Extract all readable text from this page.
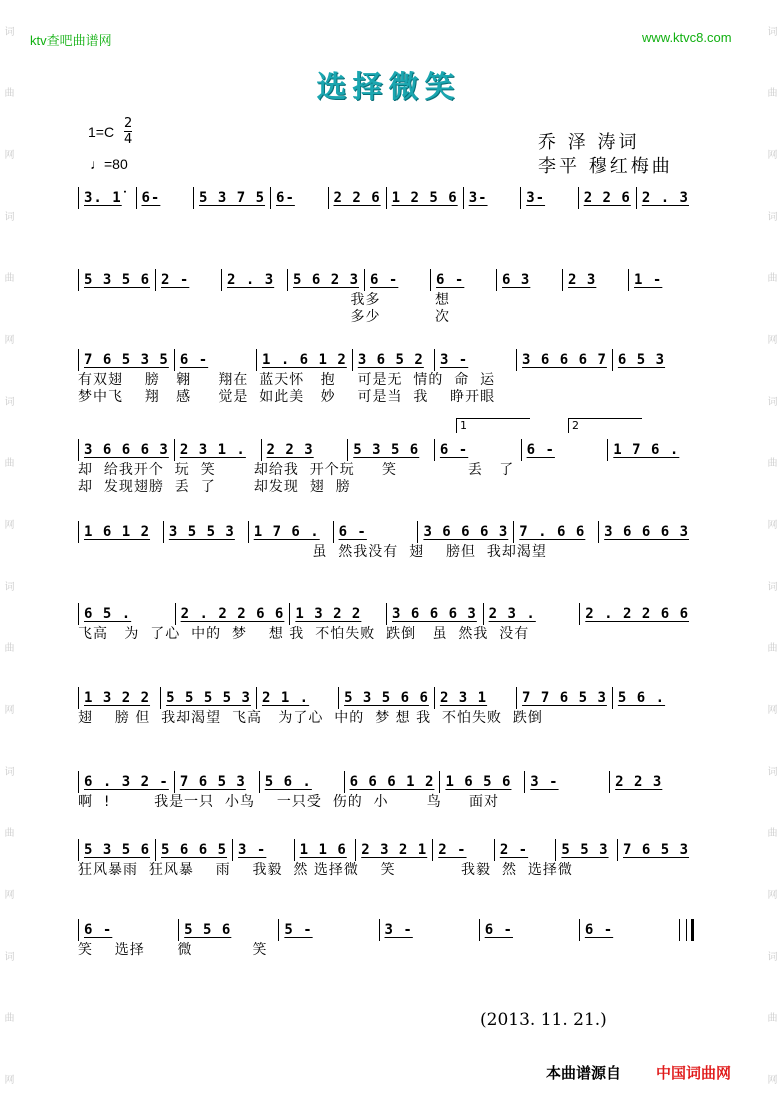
词
曲
网
词
曲
网
词
曲
网
词
曲
网
词
曲
网
词
曲
网
词
曲
网
词
曲
网
词
曲
网
词
曲
网
词
曲
网
词
曲
网
ktv查吧曲谱网	www.ktvc8.com
选择微笑
$1=C \frac{2}{4}$
♩=80
乔 泽 涛词
李平 穆红梅曲
3. 1̇	6-	5 3 7 5 6-	2 2 6 1 2 5 6 3-	3-	2 2 6 2 . 3
5 3 5 6 2 -	2 . 3	5 6 2 3 6 -	6 -	6 3	2 3	1 -
我多          想
多少          次
7 6 5 3 5 6 -	1 . 6 1 2 3 6 5 2	3 -	3 6 6 6 7 6 5 3
有双翅    膀   翱     翔在  蓝天怀   抱    可是无  情的  命  运
梦中飞    翔   感     觉是  如此美   妙    可是当  我    睁开眼
3 6 6 6 3 2 3 1 .	2 2 3	5 3 5 6	6 -	6 -	1 7 6 .
却  给我开个  玩  笑       却给我  开个玩     笑             丢   了
却  发现翅膀  丢  了       却发现  翅  膀
1 6 1 2	3 5 5 3	1 7 6 .	6 -	3 6 6 6 3 7 . 6 6	3 6 6 6 3
虽  然我没有  翅    膀但  我却渴望
6 5 .	2 . 2 2 6 6 1 3 2 2	3 6 6 6 3 2 3 .	2 . 2 2 6 6
飞高   为  了心  中的  梦    想 我  不怕失败  跌倒   虽  然我  没有
1 3 2 2	5 5 5 5 3 2 1 .	5 3 5 6 6 2 3 1	7 7 6 5 3 5 6 .
翅    膀 但  我却渴望  飞高   为了心  中的  梦 想 我  不怕失败  跌倒
6 . 3 2 - 7 6 5 3	5 6 .	6 6 6 1 2 1 6 5 6	3 -	2 2 3
啊  !        我是一只  小鸟    一只受  伤的  小       鸟     面对
5 3 5 6 5 6 6 5 3 -	1 1 6	2 3 2 1 2 -	2 -	5 5 3	7 6 5 3
狂风暴雨  狂风暴    雨    我毅  然 选择微    笑            我毅  然  选择微
6 -	5 5 6	5 -	3 -	6 -	6 -
笑    选择      微           笑
(2013. 11. 21.)
本曲谱源自 中国词曲网
1	2
